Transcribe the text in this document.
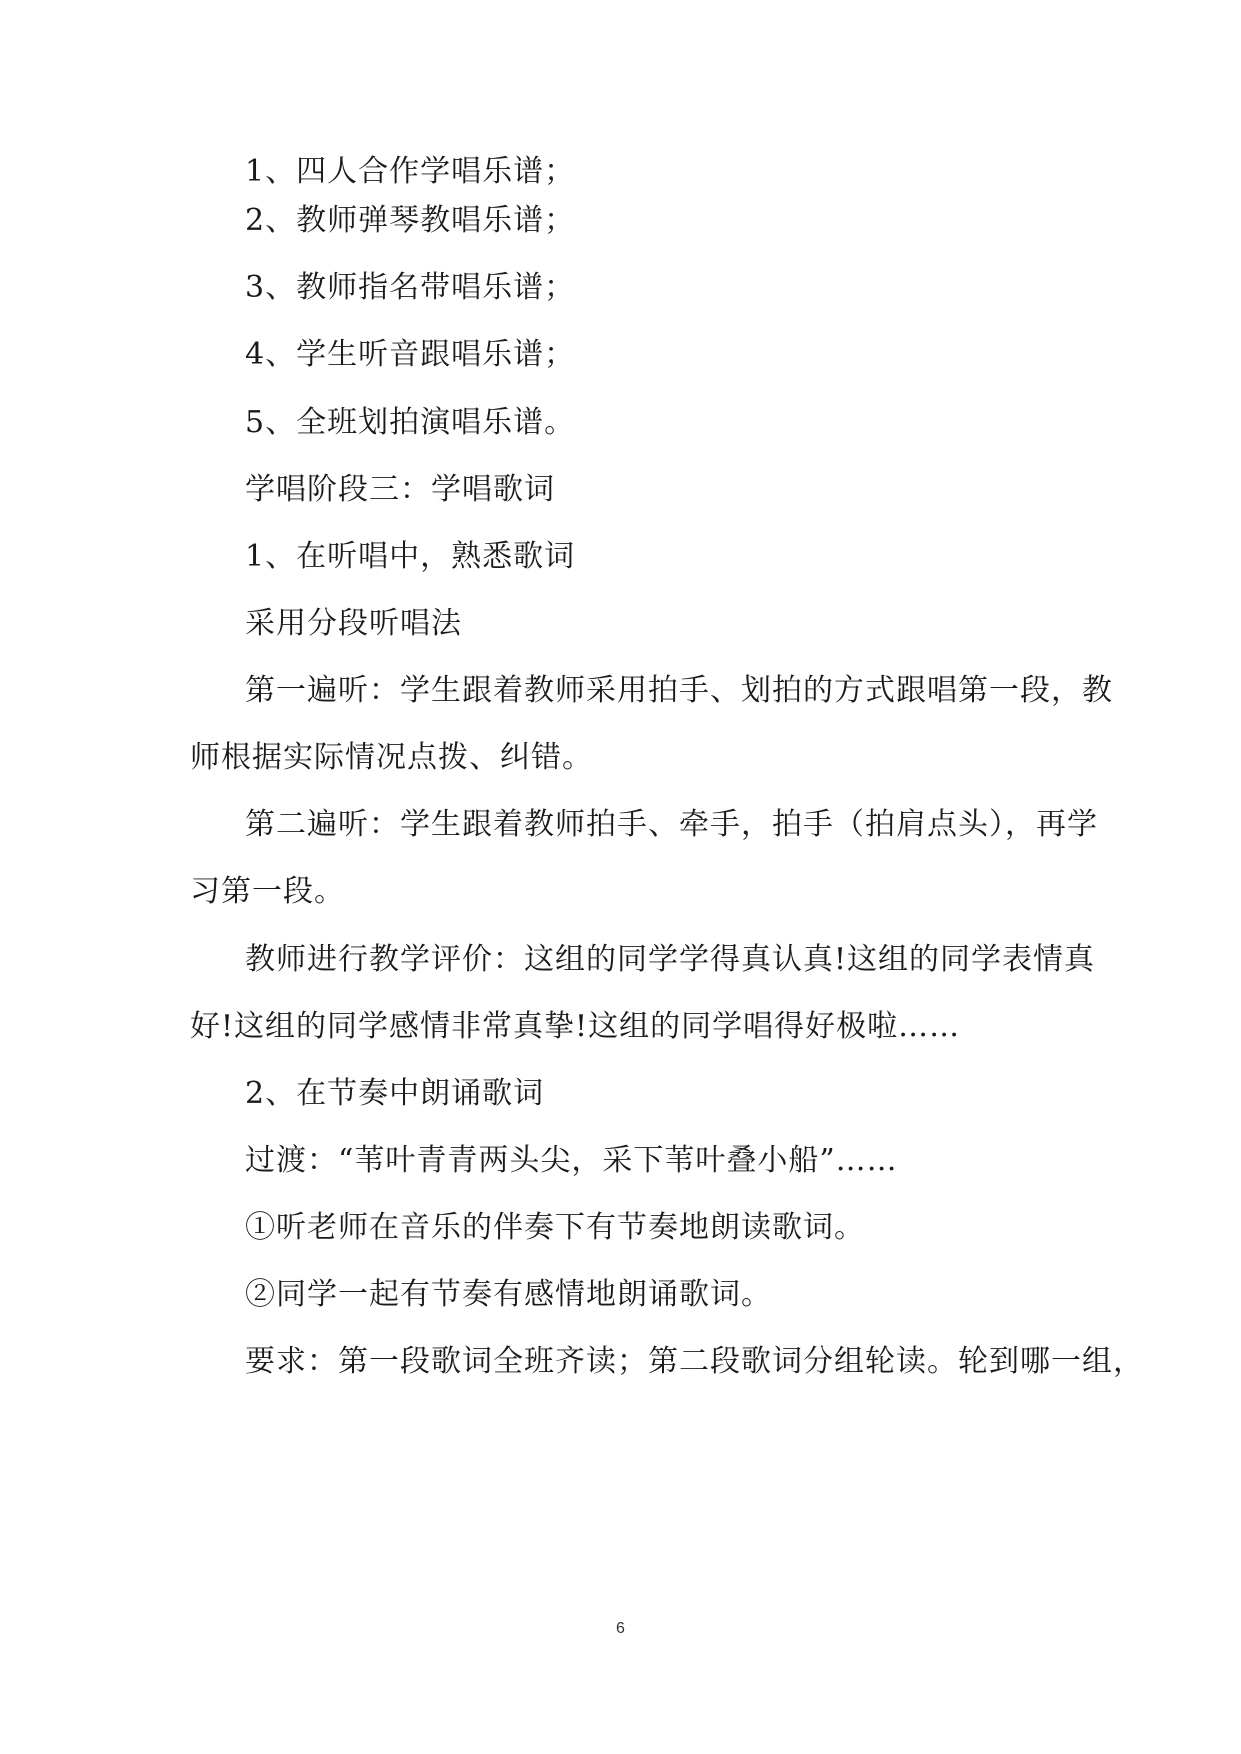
1、四人合作学唱乐谱；
2、教师弹琴教唱乐谱；
3、教师指名带唱乐谱；
4、学生听音跟唱乐谱；
5、全班划拍演唱乐谱。
学唱阶段三：学唱歌词
1、在听唱中，熟悉歌词
采用分段听唱法
第一遍听：学生跟着教师采用拍手、划拍的方式跟唱第一段，教
师根据实际情况点拨、纠错。
第二遍听：学生跟着教师拍手、牵手，拍手（拍肩点头），再学
习第一段。
教师进行教学评价：这组的同学学得真认真!这组的同学表情真
好!这组的同学感情非常真挚!这组的同学唱得好极啦……
2、在节奏中朗诵歌词
过渡：“苇叶青青两头尖，采下苇叶叠小船”……
①听老师在音乐的伴奏下有节奏地朗读歌词。
②同学一起有节奏有感情地朗诵歌词。
要求：第一段歌词全班齐读；第二段歌词分组轮读。轮到哪一组，
6
